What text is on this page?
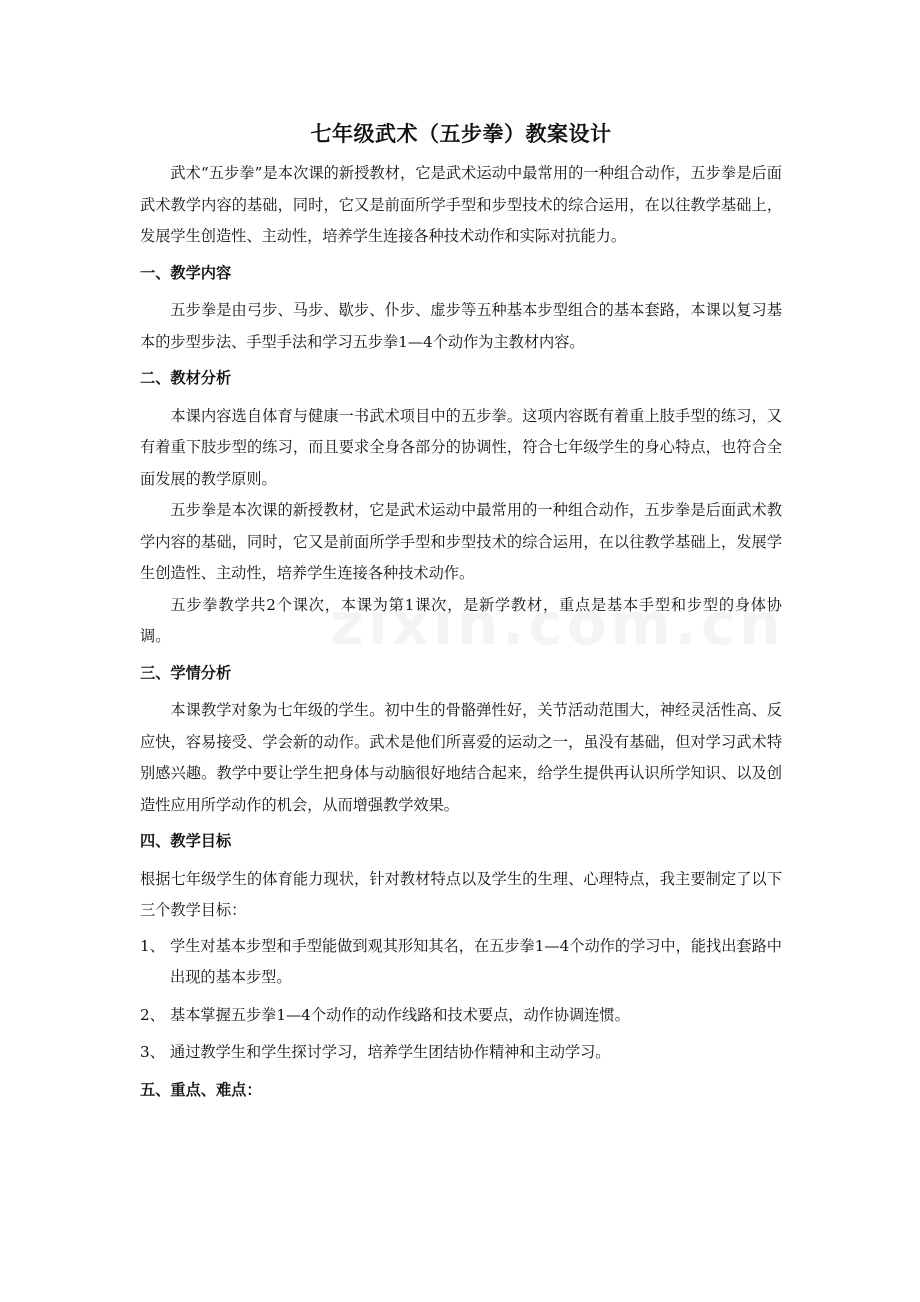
七年级武术（五步拳）教案设计

武术“五步拳”是本次课的新授教材，它是武术运动中最常用的一种组合动作，五步拳是后面武术教学内容的基础，同时，它又是前面所学手型和步型技术的综合运用，在以往教学基础上，发展学生创造性、主动性，培养学生连接各种技术动作和实际对抗能力。

一、教学内容

五步拳是由弓步、马步、歇步、仆步、虚步等五种基本步型组合的基本套路，本课以复习基本的步型步法、手型手法和学习五步拳1—4个动作为主教材内容。

二、教材分析

本课内容选自体育与健康一书武术项目中的五步拳。这项内容既有着重上肢手型的练习，又有着重下肢步型的练习，而且要求全身各部分的协调性，符合七年级学生的身心特点，也符合全面发展的教学原则。

五步拳是本次课的新授教材，它是武术运动中最常用的一种组合动作，五步拳是后面武术教学内容的基础，同时，它又是前面所学手型和步型技术的综合运用，在以往教学基础上，发展学生创造性、主动性，培养学生连接各种技术动作。

五步拳教学共2个课次，本课为第1课次，是新学教材，重点是基本手型和步型的身体协调。

三、学情分析

本课教学对象为七年级的学生。初中生的骨骼弹性好，关节活动范围大，神经灵活性高、反应快，容易接受、学会新的动作。武术是他们所喜爱的运动之一，虽没有基础，但对学习武术特别感兴趣。教学中要让学生把身体与动脑很好地结合起来，给学生提供再认识所学知识、以及创造性应用所学动作的机会，从而增强教学效果。

四、教学目标

根据七年级学生的体育能力现状，针对教材特点以及学生的生理、心理特点，我主要制定了以下三个教学目标：

1、 学生对基本步型和手型能做到观其形知其名，在五步拳1—4个动作的学习中，能找出套路中出现的基本步型。
2、 基本掌握五步拳1—4个动作的动作线路和技术要点，动作协调连惯。
3、 通过教学生和学生探讨学习，培养学生团结协作精神和主动学习。
五、重点、难点：
